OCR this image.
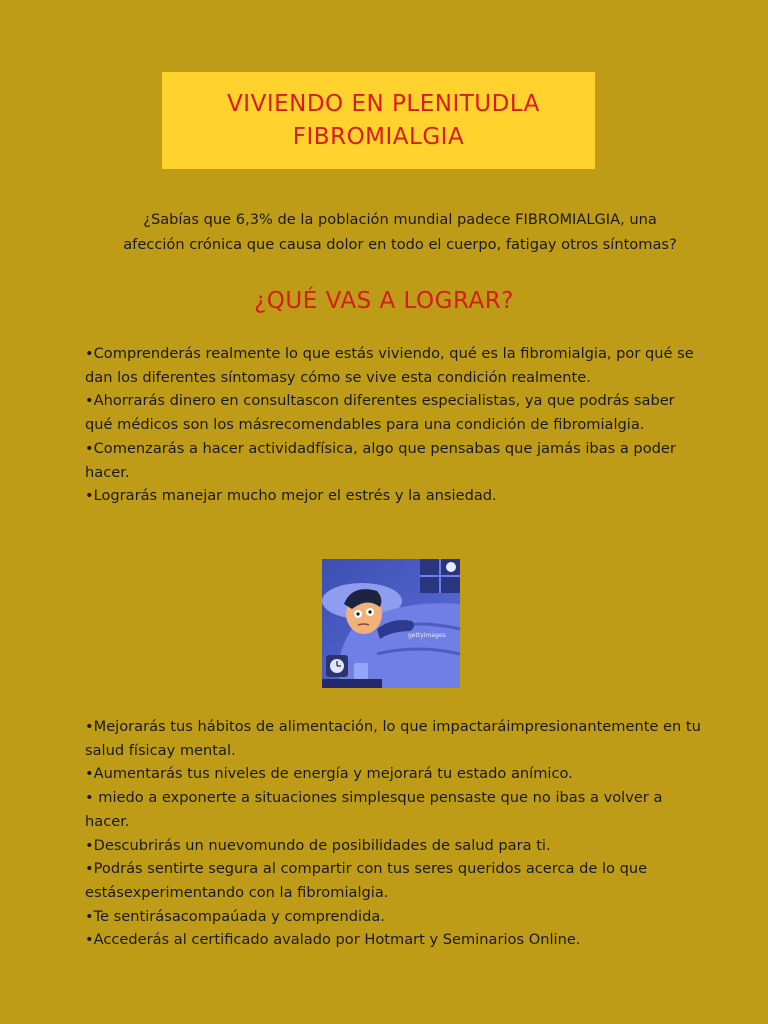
VIVIENDO EN PLENITUDLA
FIBROMIALGIA
¿Sabías que 6,3% de la población mundial padece FIBROMIALGIA, una
afección crónica que causa dolor en todo el cuerpo, fatigay otros síntomas?
¿QUÉ VAS A LOGRAR?

•Comprenderás realmente lo que estás viviendo, qué es la fibromialgia, por qué se dan los diferentes síntomasy cómo se vive esta condición realmente.

•Ahorrarás dinero en consultascon diferentes especialistas, ya que podrás saber qué médicos son los másrecomendables para una condición de fibromialgia.

•Comenzarás a hacer actividadfísica, algo que pensabas que jamás ibas a poder hacer.

•Lograrás manejar mucho mejor el estrés y la ansiedad.

gettyimages

•Mejorarás tus hábitos de alimentación, lo que impactaráimpresionantemente en tu salud físicay mental.

•Aumentarás tus niveles de energía y mejorará tu estado anímico.

• miedo a exponerte a situaciones simplesque pensaste que no ibas a volver a hacer.

•Descubrirás un nuevomundo de posibilidades de salud para ti.

•Podrás sentirte segura al compartir con tus seres queridos acerca de lo que estásexperimentando con la fibromialgia.

•Te sentirásacompaúada y comprendida.

•Accederás al certificado avalado por Hotmart y Seminarios Online.
